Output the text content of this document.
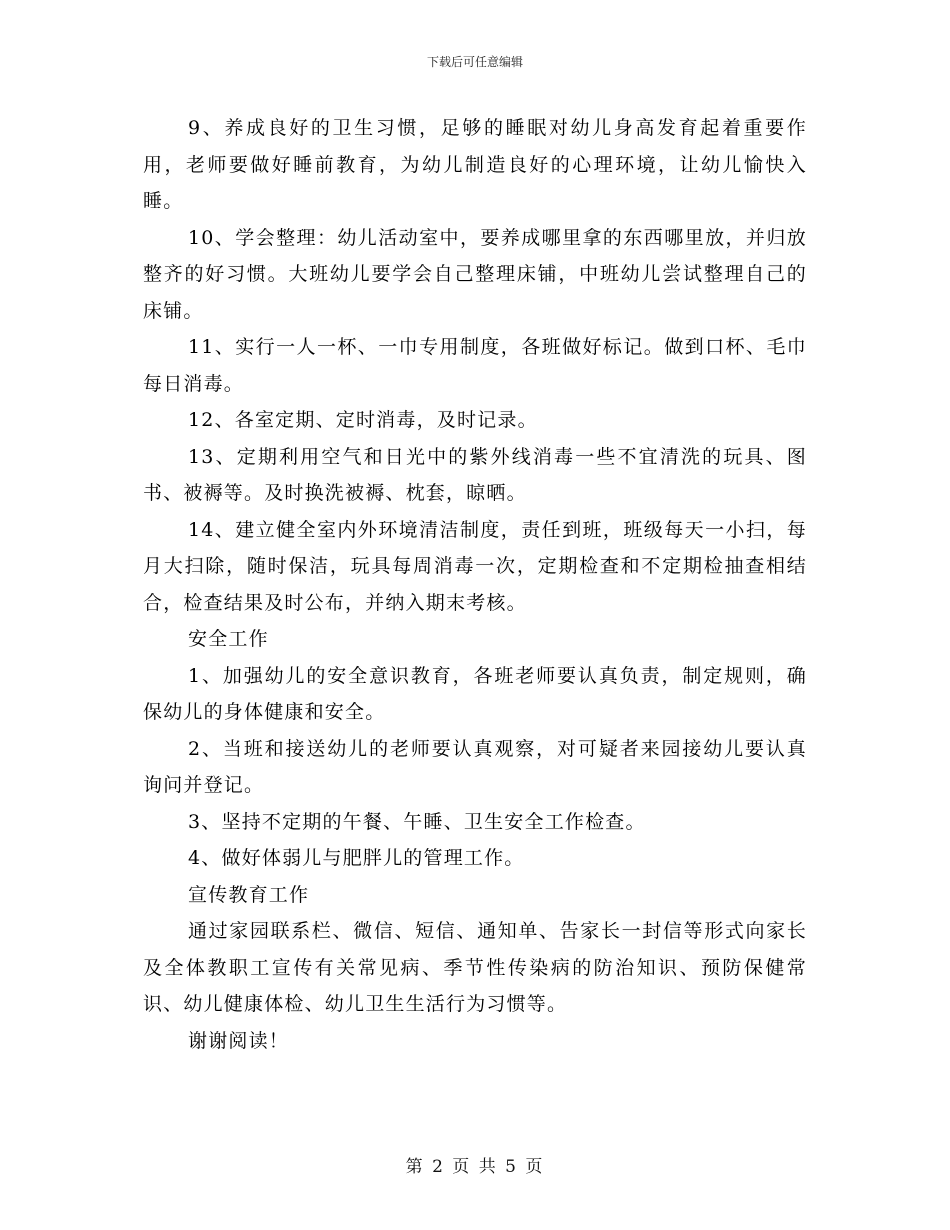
下载后可任意编辑

9、养成良好的卫生习惯，足够的睡眠对幼儿身高发育起着重要作用，老师要做好睡前教育，为幼儿制造良好的心理环境，让幼儿愉快入睡。

10、学会整理：幼儿活动室中，要养成哪里拿的东西哪里放，并归放整齐的好习惯。大班幼儿要学会自己整理床铺，中班幼儿尝试整理自己的床铺。

11、实行一人一杯、一巾专用制度，各班做好标记。做到口杯、毛巾每日消毒。

12、各室定期、定时消毒，及时记录。

13、定期利用空气和日光中的紫外线消毒一些不宜清洗的玩具、图书、被褥等。及时换洗被褥、枕套，晾晒。

14、建立健全室内外环境清洁制度，责任到班，班级每天一小扫，每月大扫除，随时保洁，玩具每周消毒一次，定期检查和不定期检抽查相结合，检查结果及时公布，并纳入期末考核。

安全工作

1、加强幼儿的安全意识教育，各班老师要认真负责，制定规则，确保幼儿的身体健康和安全。

2、当班和接送幼儿的老师要认真观察，对可疑者来园接幼儿要认真询问并登记。

3、坚持不定期的午餐、午睡、卫生安全工作检查。

4、做好体弱儿与肥胖儿的管理工作。

宣传教育工作

通过家园联系栏、微信、短信、通知单、告家长一封信等形式向家长及全体教职工宣传有关常见病、季节性传染病的防治知识、预防保健常识、幼儿健康体检、幼儿卫生生活行为习惯等。

谢谢阅读！

第 2 页 共 5 页
